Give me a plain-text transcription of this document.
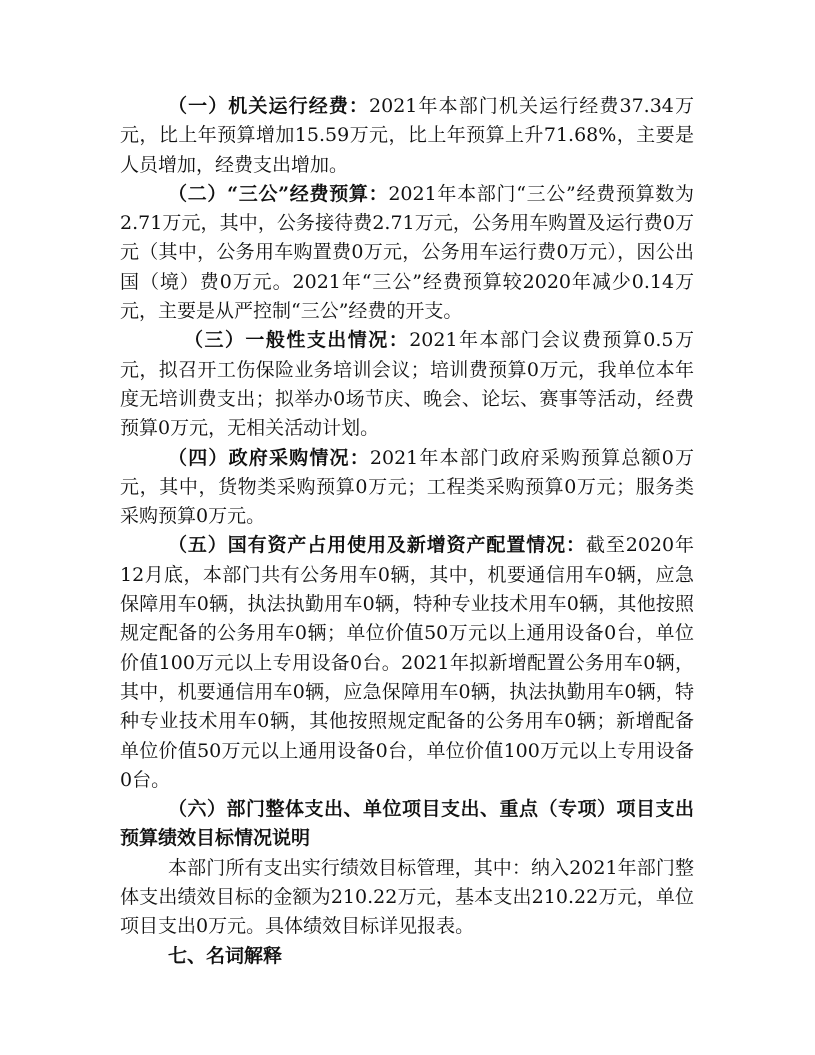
（一）机关运行经费：2021年本部门机关运行经费37.34万元，比上年预算增加15.59万元，比上年预算上升71.68%，主要是人员增加，经费支出增加。

（二）“三公”经费预算：2021年本部门“三公”经费预算数为2.71万元，其中，公务接待费2.71万元，公务用车购置及运行费0万元（其中，公务用车购置费0万元，公务用车运行费0万元），因公出国（境）费0万元。2021年“三公”经费预算较2020年减少0.14万元，主要是从严控制“三公”经费的开支。

（三）一般性支出情况：2021年本部门会议费预算0.5万元，拟召开工伤保险业务培训会议；培训费预算0万元，我单位本年度无培训费支出；拟举办0场节庆、晚会、论坛、赛事等活动，经费预算0万元，无相关活动计划。

（四）政府采购情况：2021年本部门政府采购预算总额0万元，其中，货物类采购预算0万元；工程类采购预算0万元；服务类采购预算0万元。

（五）国有资产占用使用及新增资产配置情况：截至2020年12月底，本部门共有公务用车0辆，其中，机要通信用车0辆，应急保障用车0辆，执法执勤用车0辆，特种专业技术用车0辆，其他按照规定配备的公务用车0辆；单位价值50万元以上通用设备0台，单位价值100万元以上专用设备0台。2021年拟新增配置公务用车0辆，其中，机要通信用车0辆，应急保障用车0辆，执法执勤用车0辆，特种专业技术用车0辆，其他按照规定配备的公务用车0辆；新增配备单位价值50万元以上通用设备0台，单位价值100万元以上专用设备0台。

（六）部门整体支出、单位项目支出、重点（专项）项目支出预算绩效目标情况说明

本部门所有支出实行绩效目标管理，其中：纳入2021年部门整体支出绩效目标的金额为210.22万元，基本支出210.22万元，单位项目支出0万元。具体绩效目标详见报表。

七、名词解释
